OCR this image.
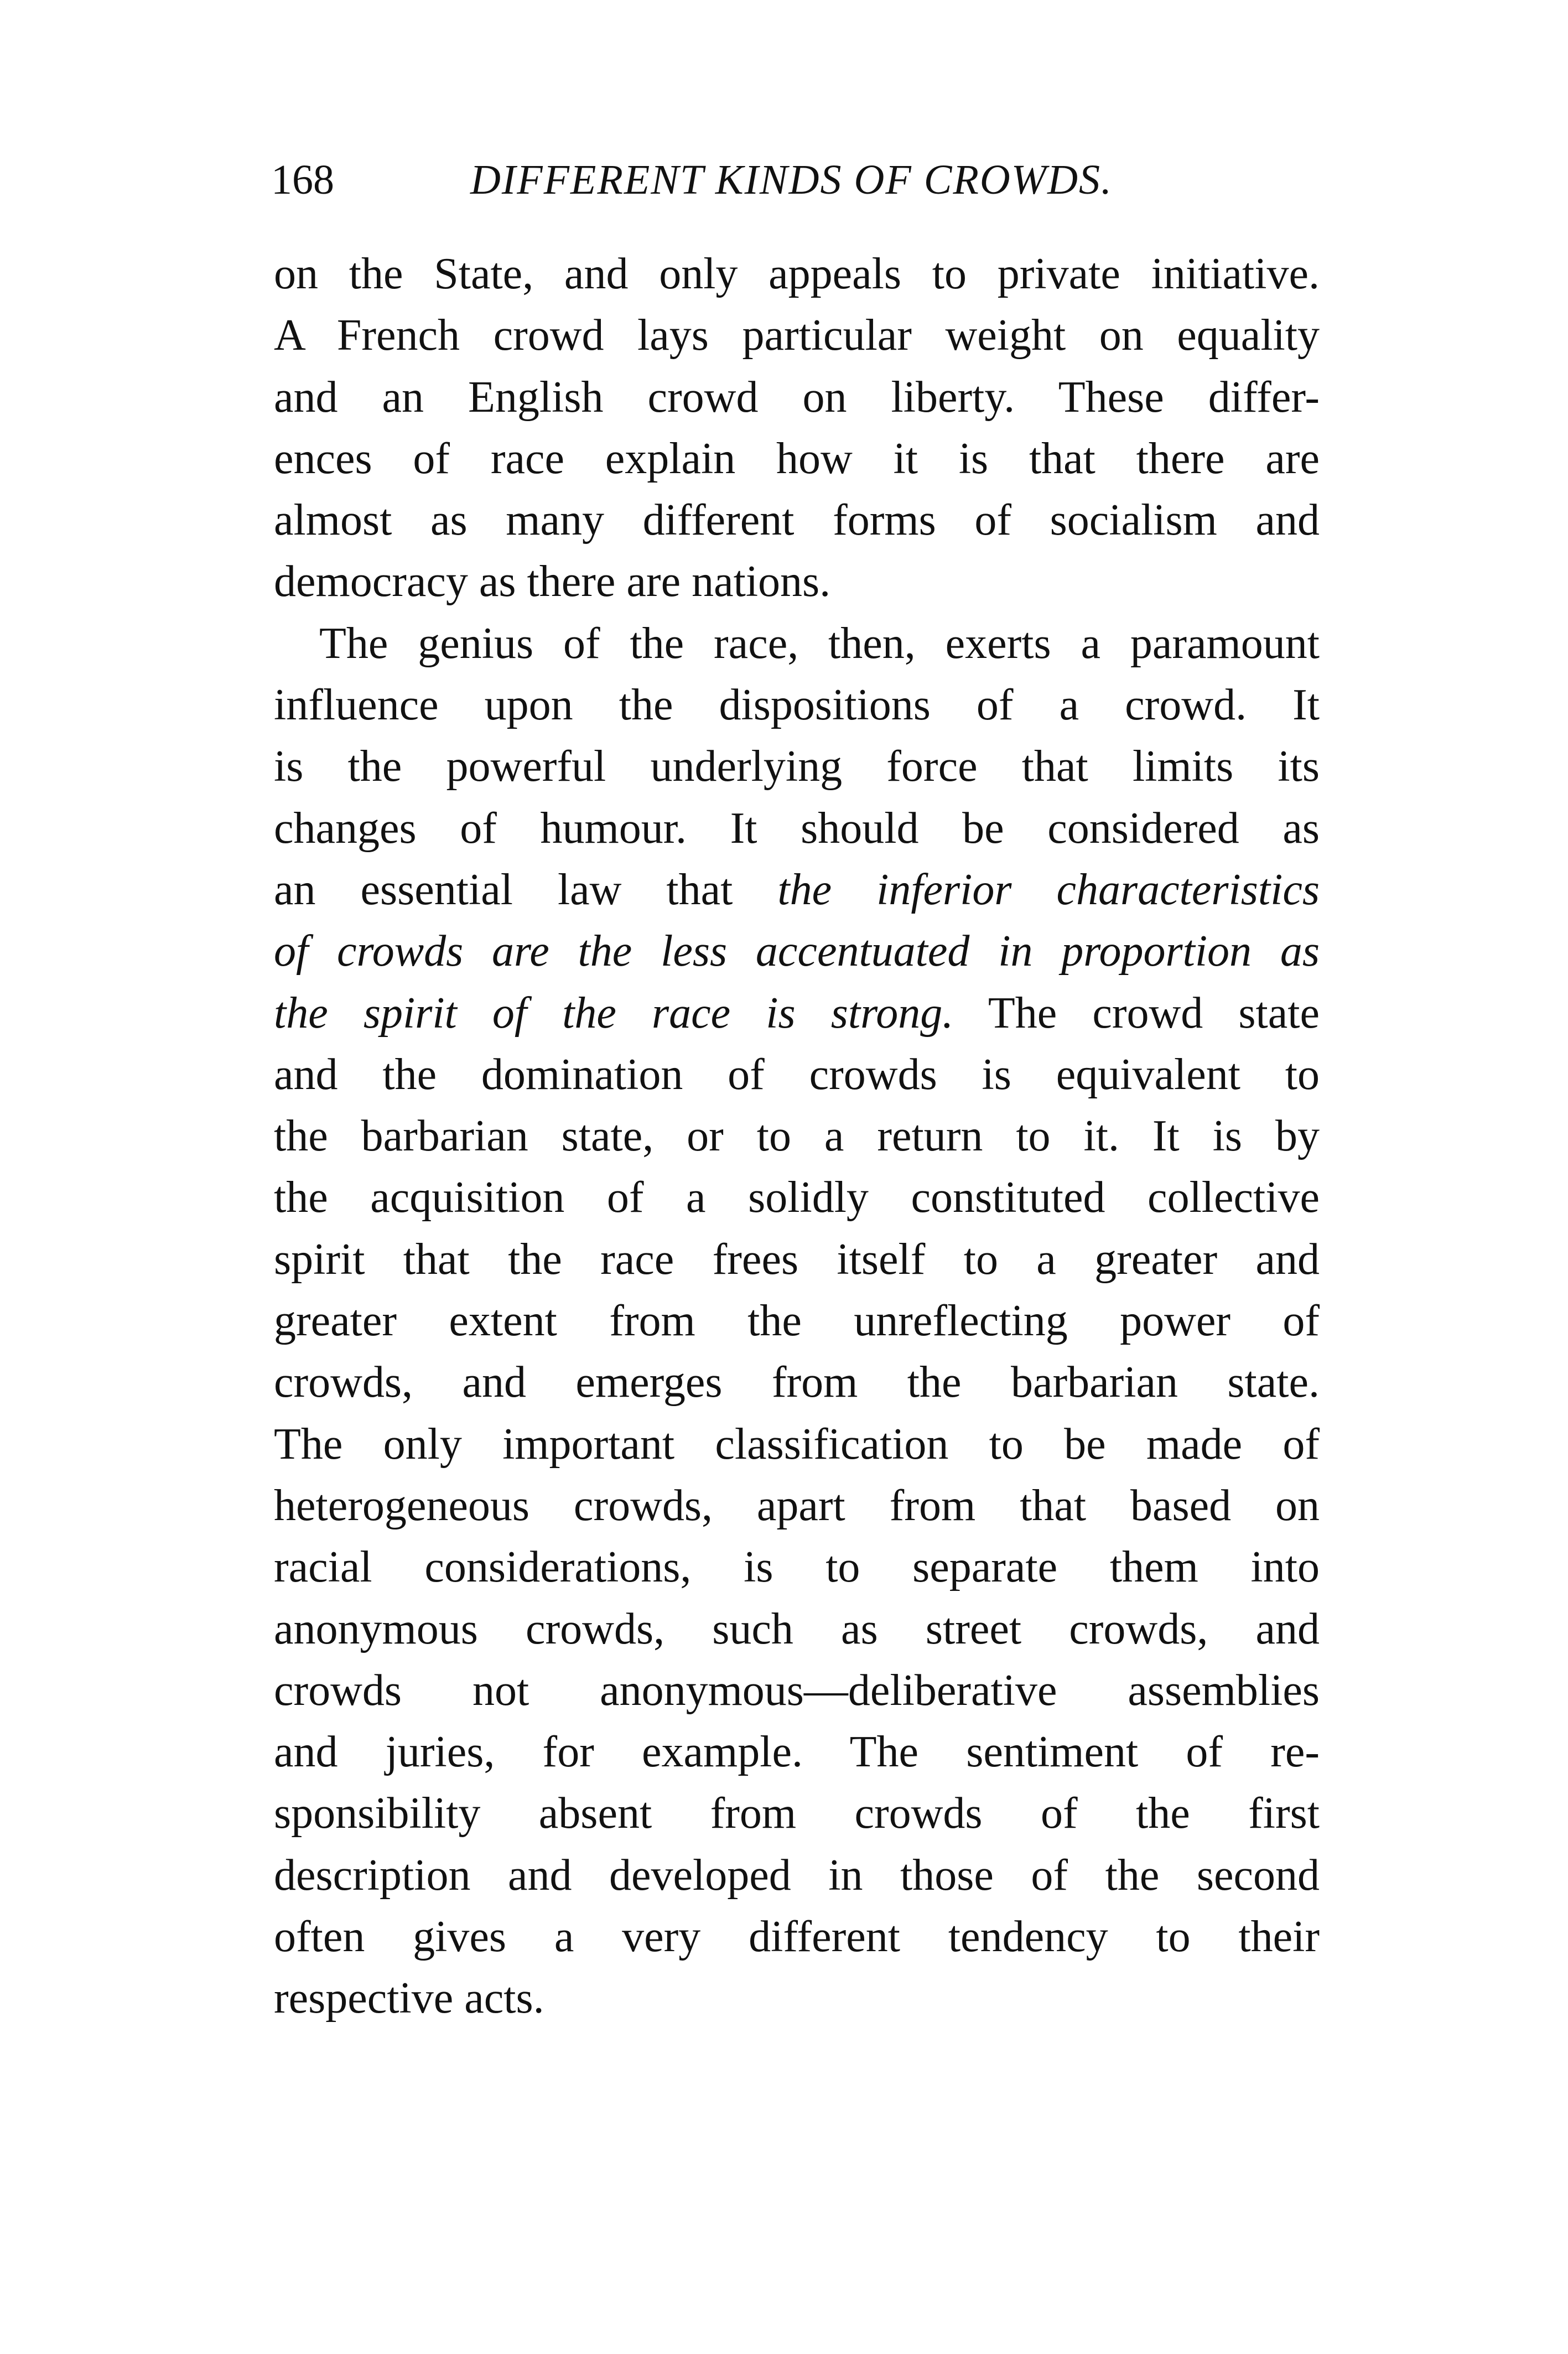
168	DIFFERENT KINDS OF CROWDS.
on the State, and only appeals to private initiative.
A French crowd lays particular weight on equality
and an English crowd on liberty. These differ-
ences of race explain how it is that there are
almost as many different forms of socialism and
democracy as there are nations.
The genius of the race, then, exerts a paramount
influence upon the dispositions of a crowd. It
is the powerful underlying force that limits its
changes of humour. It should be considered as
an essential law that the inferior characteristics
of crowds are the less accentuated in proportion as
the spirit of the race is strong. The crowd state
and the domination of crowds is equivalent to
the barbarian state, or to a return to it. It is by
the acquisition of a solidly constituted collective
spirit that the race frees itself to a greater and
greater extent from the unreflecting power of
crowds, and emerges from the barbarian state.
The only important classification to be made of
heterogeneous crowds, apart from that based on
racial considerations, is to separate them into
anonymous crowds, such as street crowds, and
crowds not anonymous—deliberative assemblies
and juries, for example. The sentiment of re-
sponsibility absent from crowds of the first
description and developed in those of the second
often gives a very different tendency to their
respective acts.
